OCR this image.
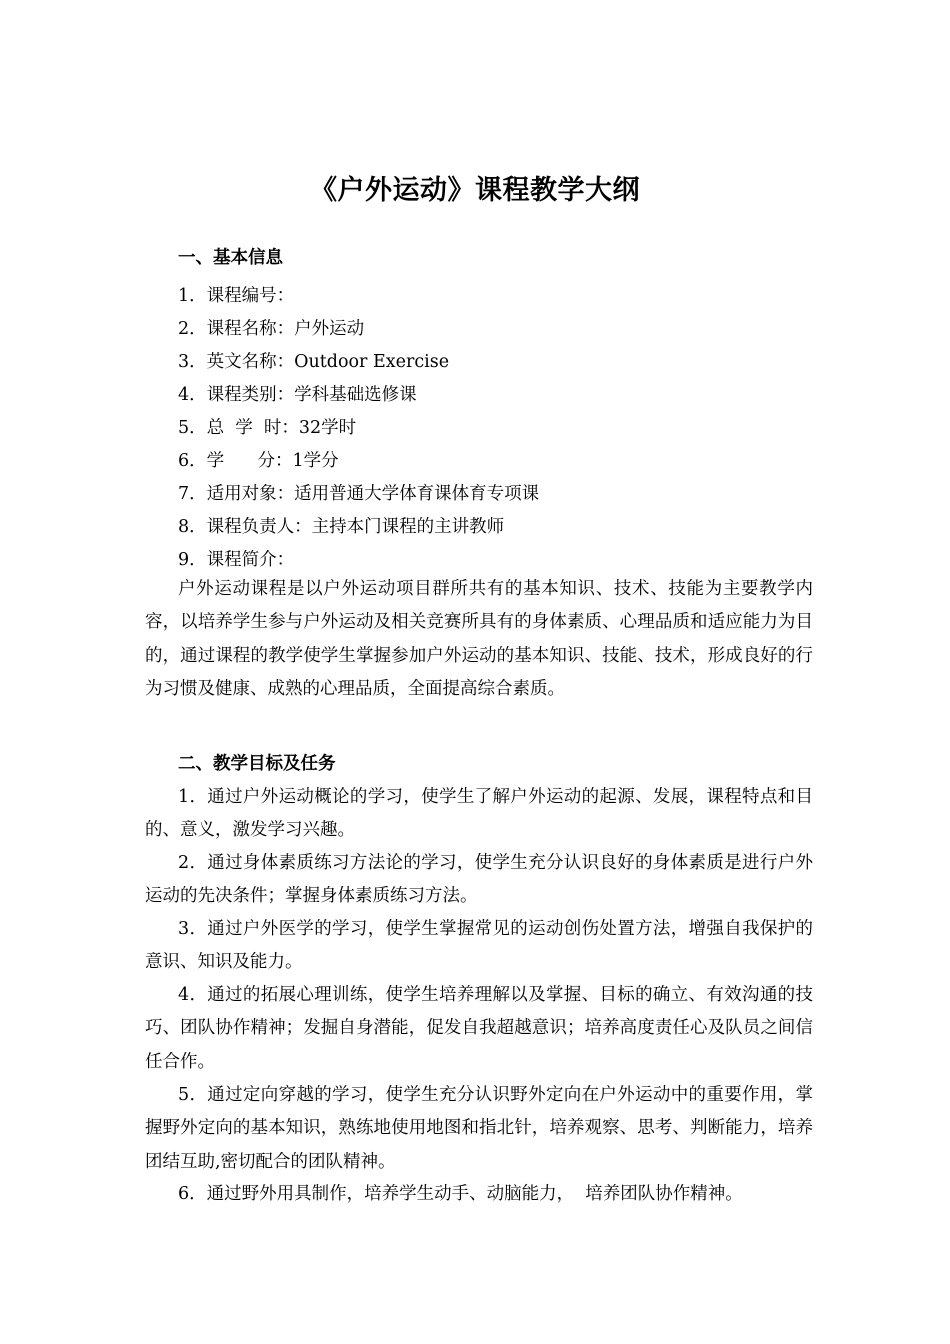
《户外运动》课程教学大纲
一、基本信息
1．课程编号：
2．课程名称：户外运动
3．英文名称：Outdoor Exercise
4．课程类别：学科基础选修课
5．总  学  时：32学时
6．学      分：1学分
7．适用对象：适用普通大学体育课体育专项课
8．课程负责人：主持本门课程的主讲教师
9．课程简介：
户外运动课程是以户外运动项目群所共有的基本知识、技术、技能为主要教学内容，以培养学生参与户外运动及相关竞赛所具有的身体素质、心理品质和适应能力为目的，通过课程的教学使学生掌握参加户外运动的基本知识、技能、技术，形成良好的行为习惯及健康、成熟的心理品质，全面提高综合素质。
二、教学目标及任务
1．通过户外运动概论的学习，使学生了解户外运动的起源、发展，课程特点和目的、意义，激发学习兴趣。
2．通过身体素质练习方法论的学习，使学生充分认识良好的身体素质是进行户外运动的先决条件；掌握身体素质练习方法。
3．通过户外医学的学习，使学生掌握常见的运动创伤处置方法，增强自我保护的意识、知识及能力。
4．通过的拓展心理训练，使学生培养理解以及掌握、目标的确立、有效沟通的技巧、团队协作精神；发掘自身潜能，促发自我超越意识；培养高度责任心及队员之间信任合作。
5．通过定向穿越的学习，使学生充分认识野外定向在户外运动中的重要作用，掌握野外定向的基本知识，熟练地使用地图和指北针，培养观察、思考、判断能力，培养团结互助,密切配合的团队精神。
6．通过野外用具制作，培养学生动手、动脑能力，  培养团队协作精神。
